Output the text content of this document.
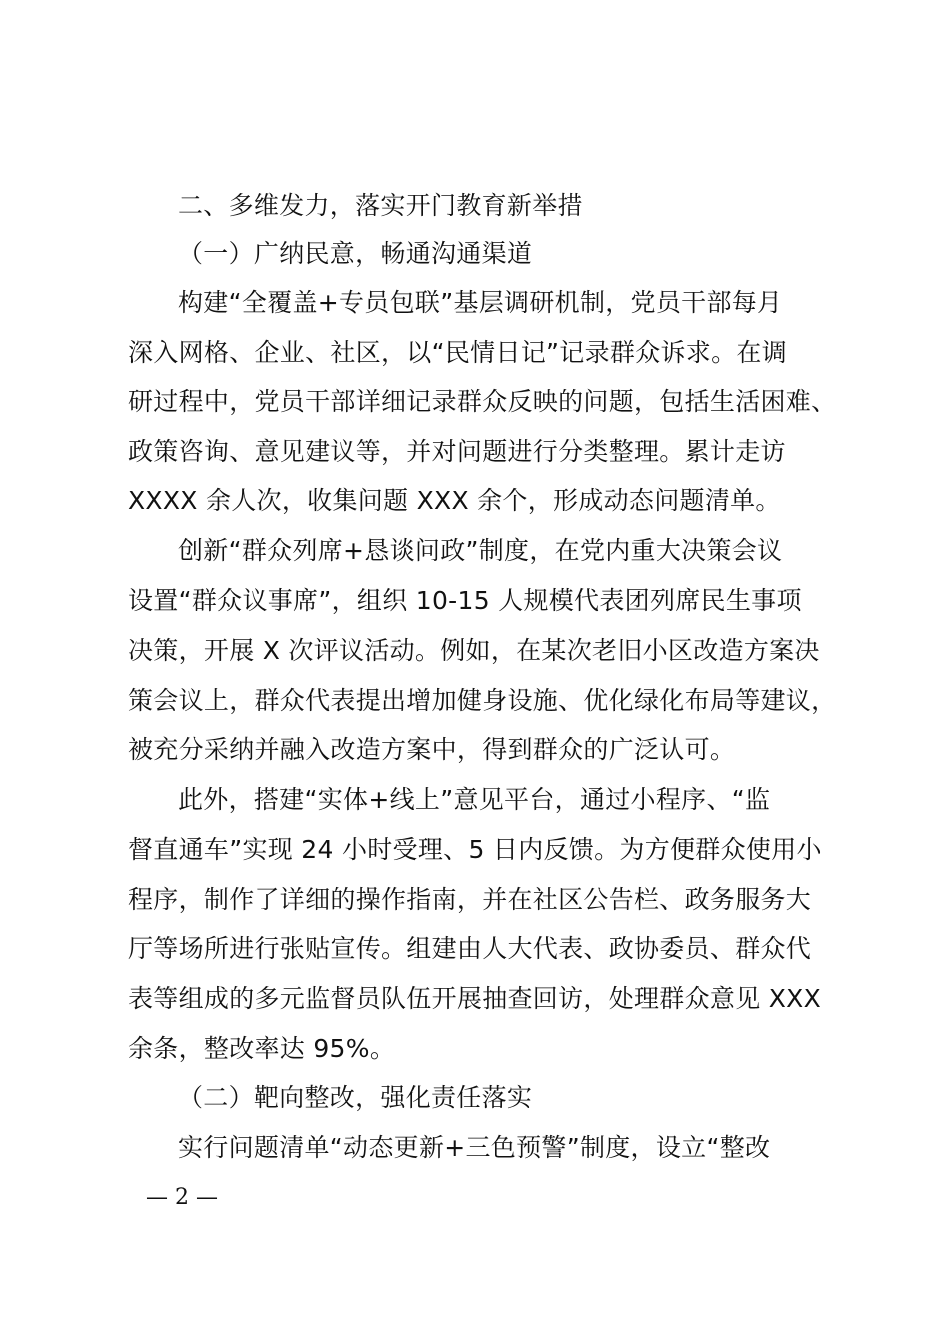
二、多维发力，落实开门教育新举措
（一）广纳民意，畅通沟通渠道
构建“全覆盖+专员包联”基层调研机制，党员干部每月
深入网格、企业、社区，以“民情日记”记录群众诉求。在调
研过程中，党员干部详细记录群众反映的问题，包括生活困难、
政策咨询、意见建议等，并对问题进行分类整理。累计走访
XXXX 余人次，收集问题 XXX 余个，形成动态问题清单。
创新“群众列席+恳谈问政”制度，在党内重大决策会议
设置“群众议事席”，组织 10-15 人规模代表团列席民生事项
决策，开展 X 次评议活动。例如，在某次老旧小区改造方案决
策会议上，群众代表提出增加健身设施、优化绿化布局等建议，
被充分采纳并融入改造方案中，得到群众的广泛认可。
此外，搭建“实体+线上”意见平台，通过小程序、“监
督直通车”实现 24 小时受理、5 日内反馈。为方便群众使用小
程序，制作了详细的操作指南，并在社区公告栏、政务服务大
厅等场所进行张贴宣传。组建由人大代表、政协委员、群众代
表等组成的多元监督员队伍开展抽查回访，处理群众意见 XXX
余条，整改率达 95%。
（二）靶向整改，强化责任落实
实行问题清单“动态更新+三色预警”制度，设立“整改
— 2 —
